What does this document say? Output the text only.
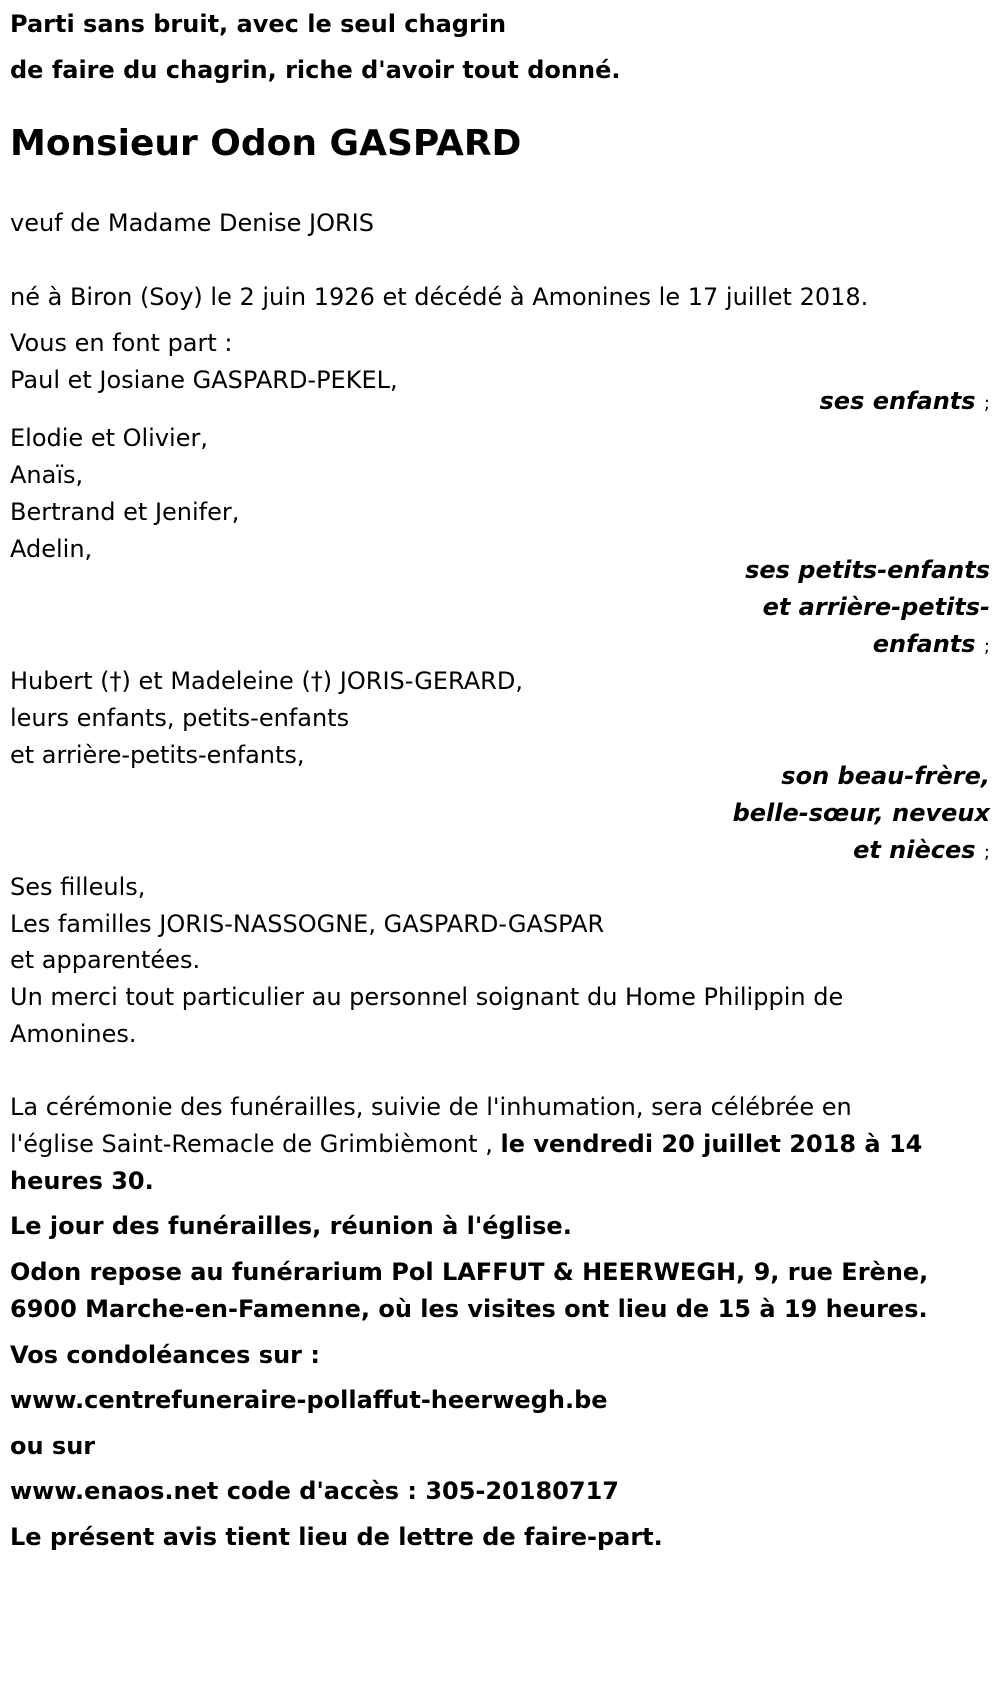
Parti sans bruit, avec le seul chagrin
de faire du chagrin, riche d'avoir tout donné.
Monsieur Odon GASPARD
veuf de Madame Denise JORIS
né à Biron (Soy) le 2 juin 1926 et décédé à Amonines le 17 juillet 2018.
Vous en font part :
Paul et Josiane GASPARD-PEKEL,
ses enfants ;
Elodie et Olivier,
Anaïs,
Bertrand et Jenifer,
Adelin,
ses petits-enfants
et arrière-petits-
enfants ;
Hubert (†) et Madeleine (†) JORIS-GERARD,
leurs enfants, petits-enfants
et arrière-petits-enfants,
son beau-frère,
belle-sœur, neveux
et nièces ;
Ses filleuls,
Les familles JORIS-NASSOGNE, GASPARD-GASPAR
et apparentées.
Un merci tout particulier au personnel soignant du Home Philippin de
Amonines.
La cérémonie des funérailles, suivie de l'inhumation, sera célébrée en
l'église Saint-Remacle de Grimbièmont , le vendredi 20 juillet 2018 à 14
heures 30.
Le jour des funérailles, réunion à l'église.
Odon repose au funérarium Pol LAFFUT & HEERWEGH, 9, rue Erène,
6900 Marche-en-Famenne, où les visites ont lieu de 15 à 19 heures.
Vos condoléances sur :
www.centrefuneraire-pollaffut-heerwegh.be
ou sur
www.enaos.net code d'accès : 305-20180717
Le présent avis tient lieu de lettre de faire-part.
